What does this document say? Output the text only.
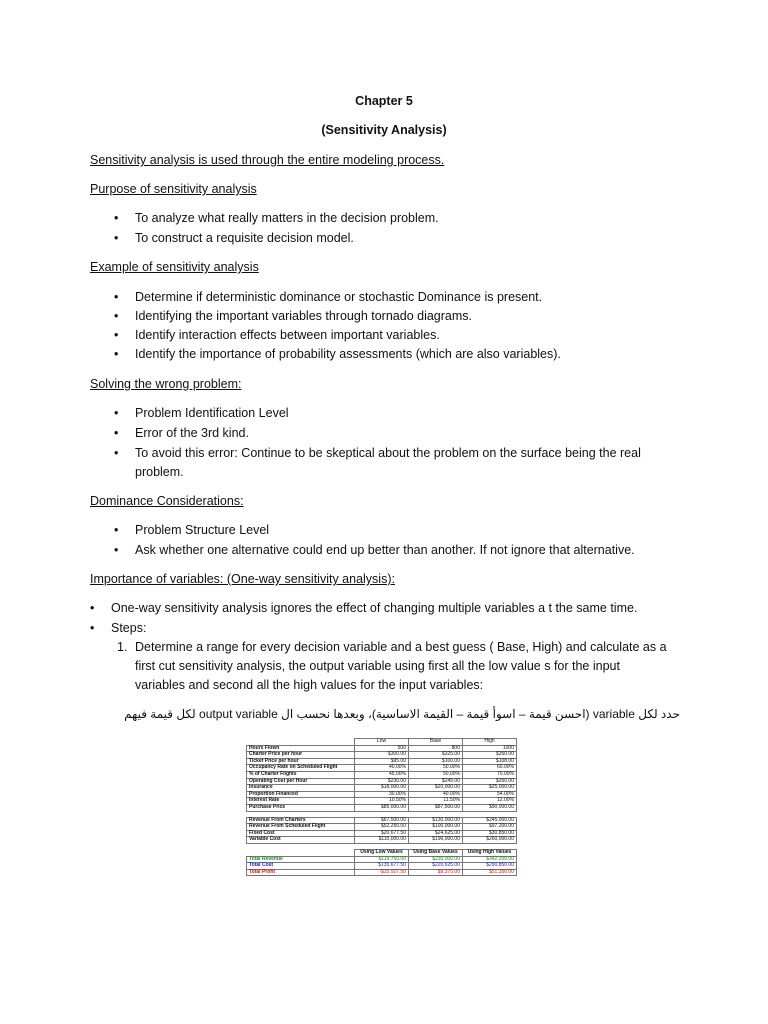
Chapter 5
(Sensitivity Analysis)
Sensitivity analysis is used through the entire modeling process.
Purpose of sensitivity analysis
• To analyze what really matters in the decision problem.
• To construct a requisite decision model.
Example of sensitivity analysis
• Determine if deterministic dominance or stochastic Dominance is present.
• Identifying the important variables through tornado diagrams.
• Identify interaction effects between important variables.
• Identify the importance of probability assessments (which are also variables).
Solving the wrong problem:
• Problem Identification Level
• Error of the 3rd kind.
• To avoid this error: Continue to be skeptical about the problem on the surface being the real
problem.
Dominance Considerations:
• Problem Structure Level
• Ask whether one alternative could end up better than another. If not ignore that alternative.
Importance of variables: (One-way sensitivity analysis):
• One-way sensitivity analysis ignores the effect of changing multiple variables a t the same time.
• Steps:
1. Determine a range for every decision variable and a best guess ( Base, High) and calculate as a
first cut sensitivity analysis, the output variable using first all the low value s for the input
variables and second all the high values for the input variables:
حدد لكل variable (احسن قيمة – اسوأ قيمة – القيمة الاساسية)، وبعدها نحسب ال output variable لكل قيمة فيهم
	Low	Base	High
Hours Flown	500	800	1000
Charter Price per hour	$300.00	$325.00	$350.00
Ticket Price per hour	$95.00	$100.00	$108.00
Occupancy Rate on Scheduled Flight	40.00%	50.00%	60.00%
% of Charter Flights	45.00%	50.00%	70.00%
Operating Cost per Hour	$230.00	$245.00	$260.00
Insurance	$18,000.00	$20,000.00	$25,000.00
Proportion Financed	30.00%	40.00%	54.00%
Interest Rate	10.50%	11.50%	12.00%
Purchase Price	$85,000.00	$87,500.00	$90,000.00

Revenue From Charters	$67,500.00	$130,000.00	$245,000.00
Revenue From Scheduled Flight	$52,250.00	$100,000.00	$97,200.00
Fixed Cost	$20,677.50	$24,625.00	$30,850.00
Variable Cost	$115,000.00	$196,000.00	$260,000.00

	Using Low Values	Using Base Values	Using High Values
Total Revenue	$119,750.00	$230,000.00	$342,200.00
Total Cost	$135,677.50	$220,625.00	$290,850.00
Total Profit	-$15,927.50	$9,375.00	$51,350.00
